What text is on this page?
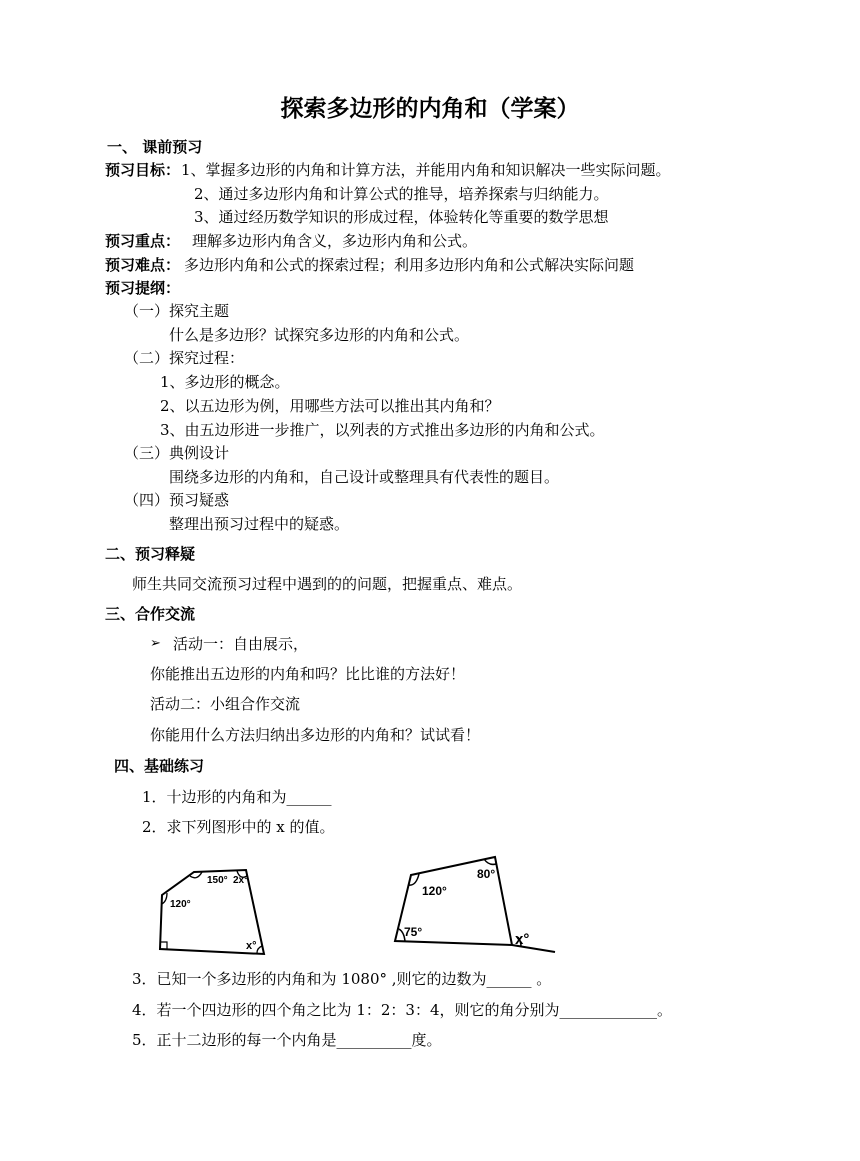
探索多边形的内角和（学案）
一、 课前预习
预习目标： 1、掌握多边形的内角和计算方法，并能用内角和知识解决一些实际问题。
2、通过多边形内角和计算公式的推导，培养探索与归纳能力。
3、通过经历数学知识的形成过程，体验转化等重要的数学思想
预习重点： 理解多边形内角含义，多边形内角和公式。
预习难点： 多边形内角和公式的探索过程；利用多边形内角和公式解决实际问题
预习提纲：
（一）探究主题
什么是多边形？试探究多边形的内角和公式。
（二）探究过程：
1、多边形的概念。
2、以五边形为例，用哪些方法可以推出其内角和？
3、由五边形进一步推广，以列表的方式推出多边形的内角和公式。
（三）典例设计
围绕多边形的内角和，自己设计或整理具有代表性的题目。
（四）预习疑惑
整理出预习过程中的疑惑。
二、预习释疑
师生共同交流预习过程中遇到的的问题，把握重点、难点。
三、合作交流
➢ 活动一：自由展示，
你能推出五边形的内角和吗？比比谁的方法好！
活动二：小组合作交流
你能用什么方法归纳出多边形的内角和？试试看！
四、基础练习
1．十边形的内角和为______
2．求下列图形中的 x 的值。
150° 2x°
120°
x°
80°
120°
75°	x°
3．已知一个多边形的内角和为 1080° ,则它的边数为______ 。
4．若一个四边形的四个角之比为 1：2：3：4，则它的角分别为_____________。
5．正十二边形的每一个内角是__________度。
